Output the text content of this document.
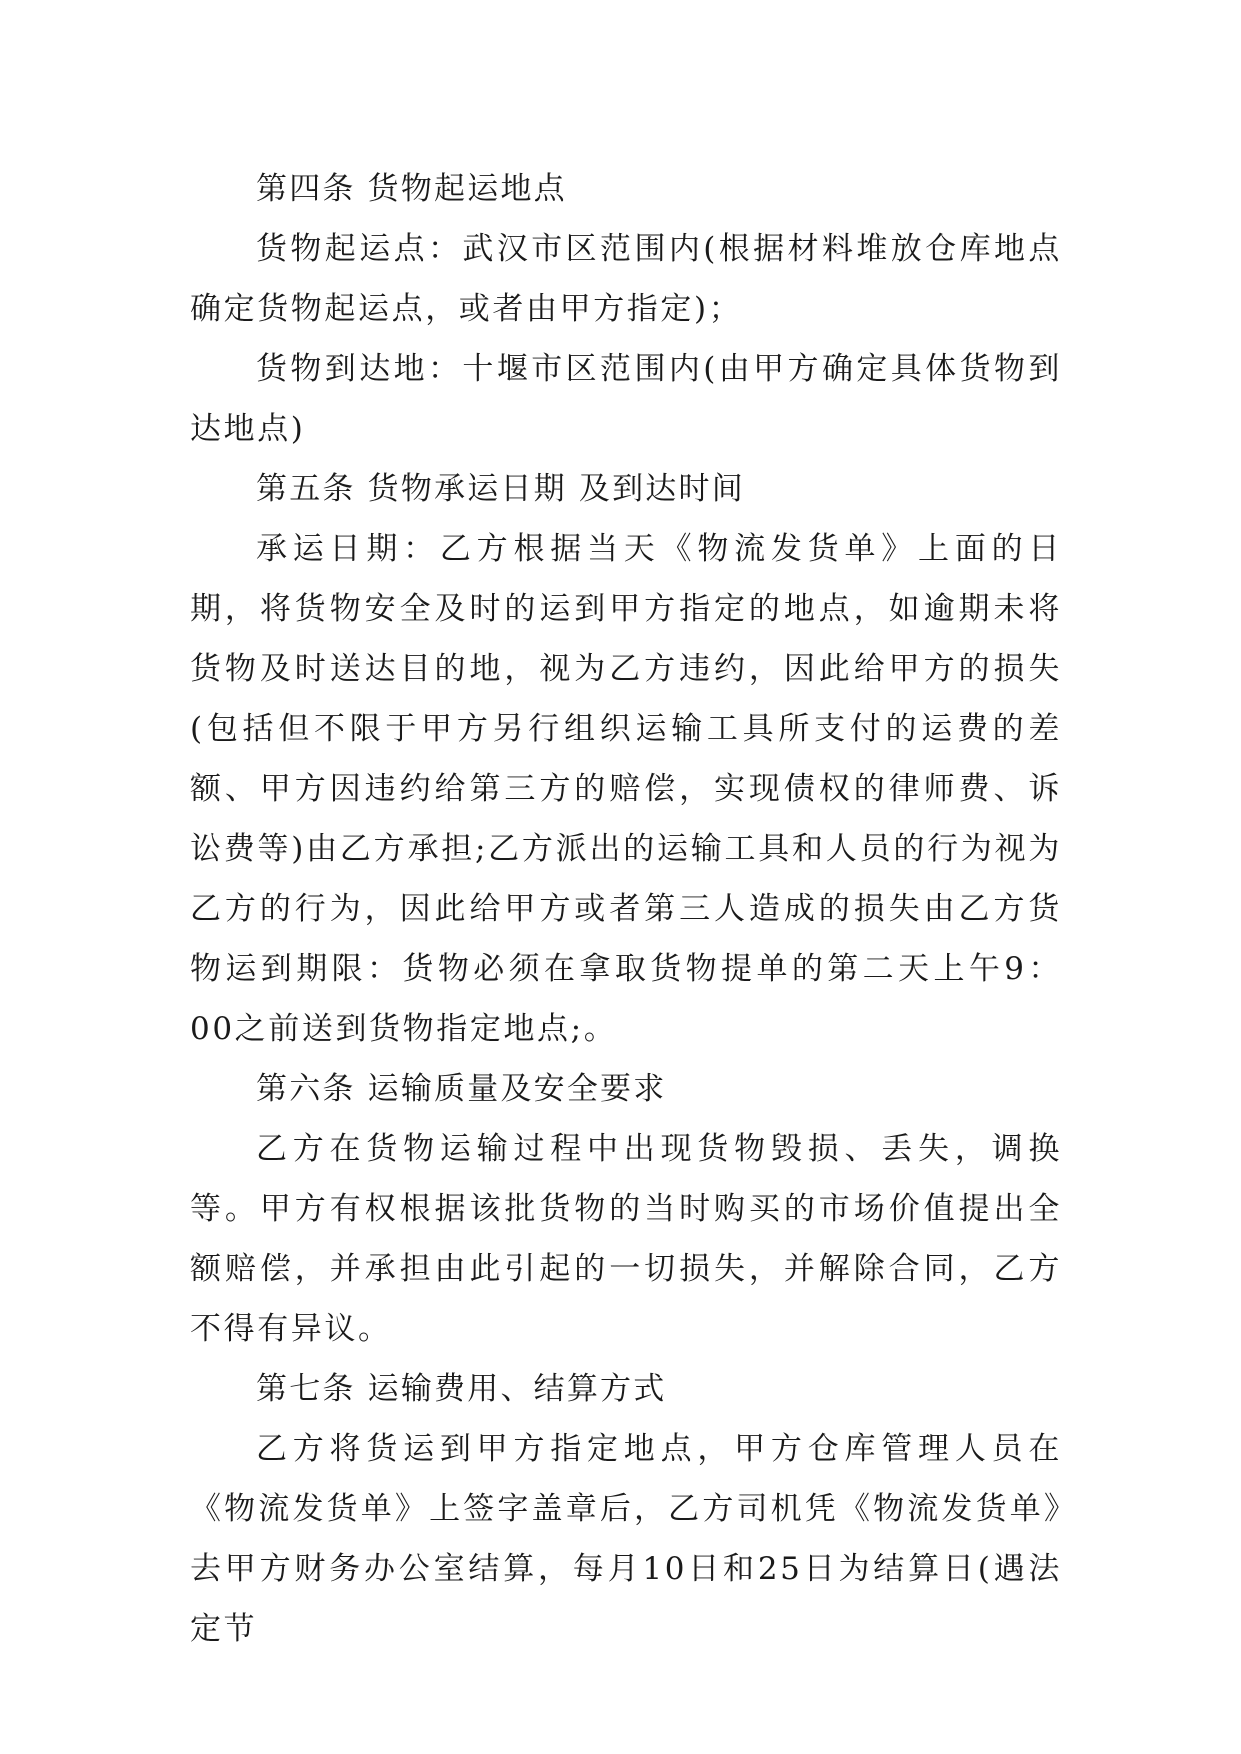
第四条 货物起运地点

货物起运点：武汉市区范围内(根据材料堆放仓库地点确定货物起运点，或者由甲方指定)；

货物到达地：十堰市区范围内(由甲方确定具体货物到达地点)

第五条 货物承运日期 及到达时间

承运日期：乙方根据当天《物流发货单》上面的日期，将货物安全及时的运到甲方指定的地点，如逾期未将货物及时送达目的地，视为乙方违约，因此给甲方的损失(包括但不限于甲方另行组织运输工具所支付的运费的差额、甲方因违约给第三方的赔偿，实现债权的律师费、诉讼费等)由乙方承担;乙方派出的运输工具和人员的行为视为乙方的行为，因此给甲方或者第三人造成的损失由乙方货物运到期限：货物必须在拿取货物提单的第二天上午9：00之前送到货物指定地点;。

第六条 运输质量及安全要求

乙方在货物运输过程中出现货物毁损、丢失，调换等。甲方有权根据该批货物的当时购买的市场价值提出全额赔偿，并承担由此引起的一切损失，并解除合同，乙方不得有异议。

第七条 运输费用、结算方式

乙方将货运到甲方指定地点，甲方仓库管理人员在《物流发货单》上签字盖章后，乙方司机凭《物流发货单》去甲方财务办公室结算，每月10日和25日为结算日(遇法定节
